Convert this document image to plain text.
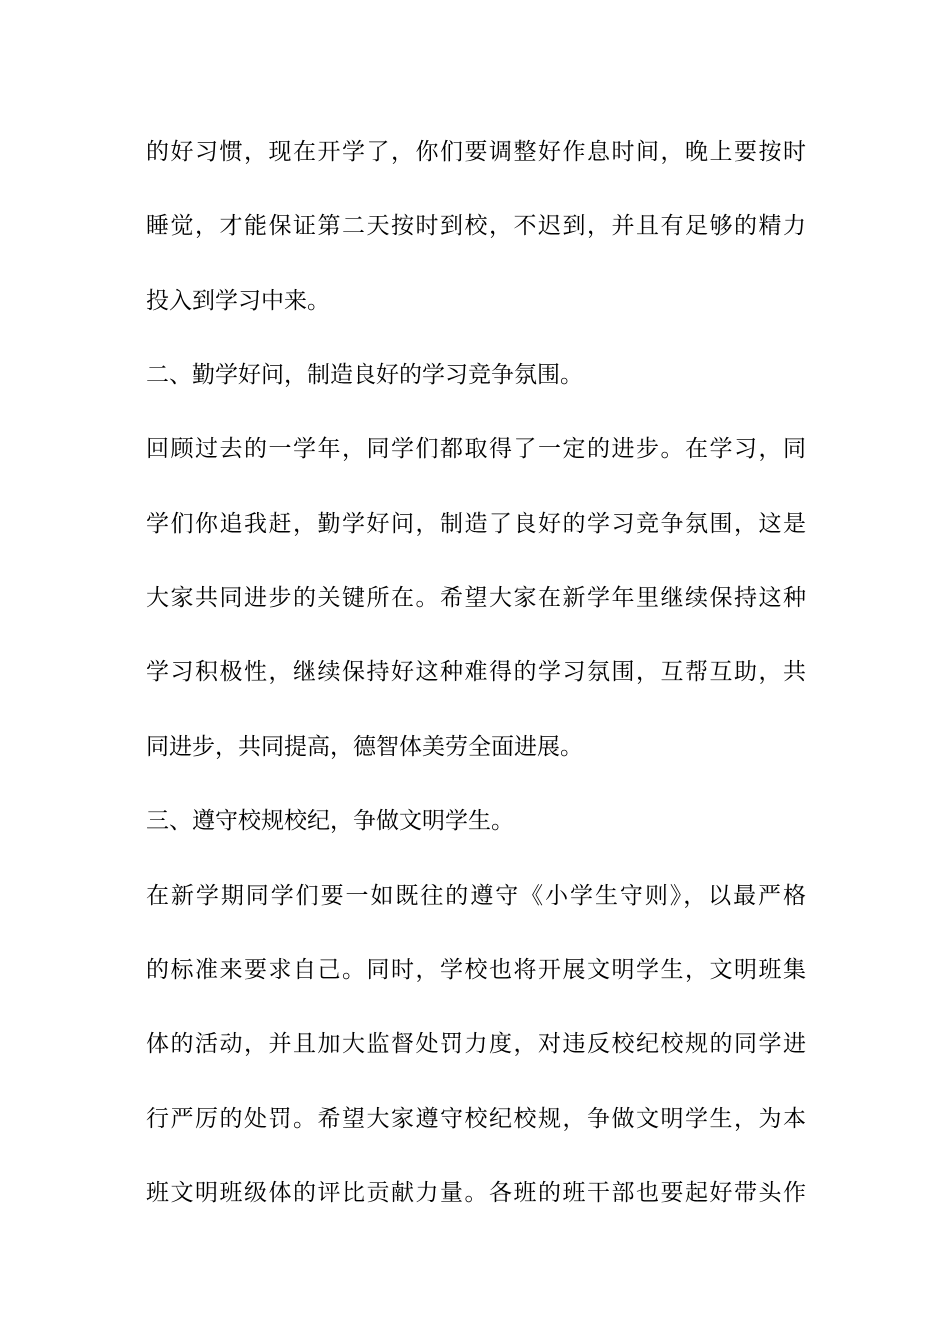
的好习惯，现在开学了，你们要调整好作息时间，晚上要按时
睡觉，才能保证第二天按时到校，不迟到，并且有足够的精力
投入到学习中来。
二、勤学好问，制造良好的学习竞争氛围。
回顾过去的一学年，同学们都取得了一定的进步。在学习，同
学们你追我赶，勤学好问，制造了良好的学习竞争氛围，这是
大家共同进步的关键所在。希望大家在新学年里继续保持这种
学习积极性，继续保持好这种难得的学习氛围，互帮互助，共
同进步，共同提高，德智体美劳全面进展。
三、遵守校规校纪，争做文明学生。
在新学期同学们要一如既往的遵守《小学生守则》，以最严格
的标准来要求自己。同时，学校也将开展文明学生，文明班集
体的活动，并且加大监督处罚力度，对违反校纪校规的同学进
行严厉的处罚。希望大家遵守校纪校规，争做文明学生，为本
班文明班级体的评比贡献力量。各班的班干部也要起好带头作
